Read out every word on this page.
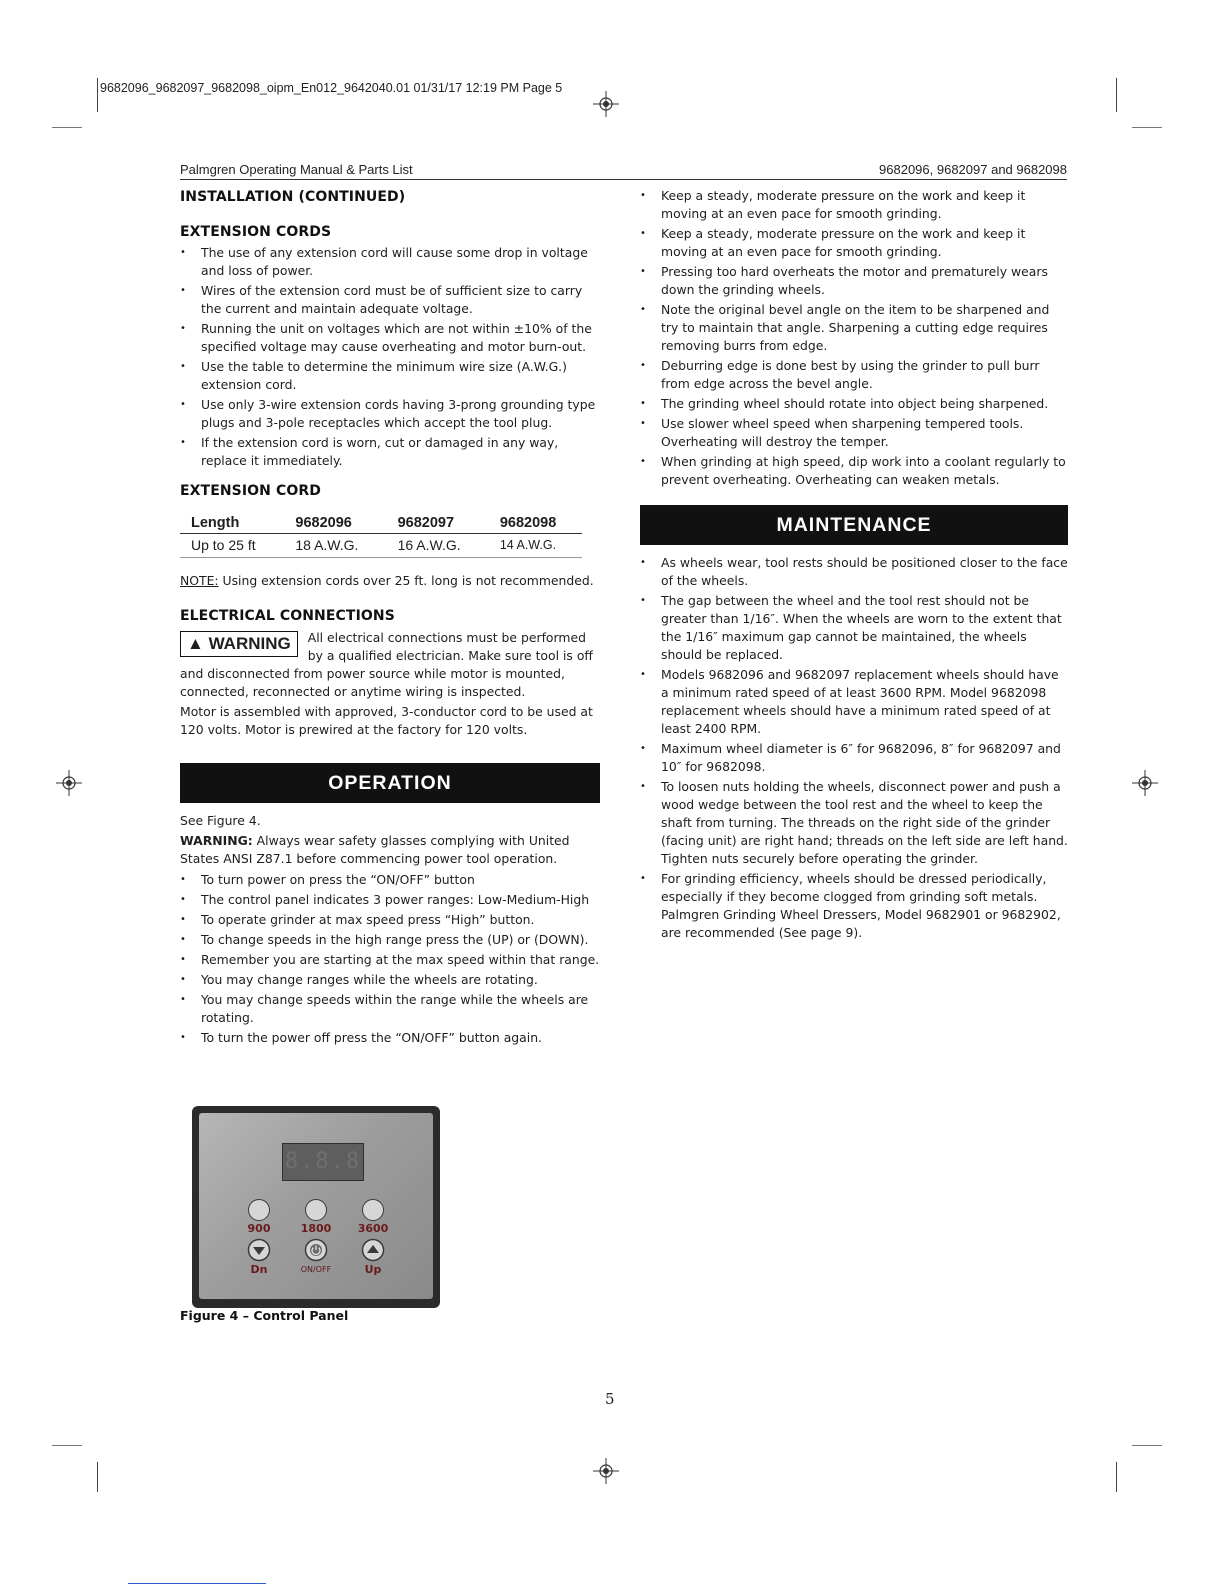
9682096_9682097_9682098_oipm_En012_9642040.01 01/31/17 12:19 PM Page 5
Palmgren Operating Manual & Parts List	9682096, 9682097 and 9682098
INSTALLATION (CONTINUED)
EXTENSION CORDS
• The use of any extension cord will cause some drop in voltage and loss of power.
• Wires of the extension cord must be of sufficient size to carry the current and maintain adequate voltage.
• Running the unit on voltages which are not within ±10% of the specified voltage may cause overheating and motor burn-out.
• Use the table to determine the minimum wire size (A.W.G.) extension cord.
• Use only 3-wire extension cords having 3-prong grounding type plugs and 3-pole receptacles which accept the tool plug.
• If the extension cord is worn, cut or damaged in any way, replace it immediately.
EXTENSION CORD
Length	9682096	9682097	9682098
Up to 25 ft	18 A.W.G.	16 A.W.G.	14 A.W.G.

NOTE: Using extension cords over 25 ft. long is not recommended.

ELECTRICAL CONNECTIONS

▲ WARNING	All electrical connections must be performed by a qualified electrician. Make sure tool is off and disconnected from power source while motor is mounted, connected, reconnected or anytime wiring is inspected.

Motor is assembled with approved, 3-conductor cord to be used at 120 volts. Motor is prewired at the factory for 120 volts.

OPERATION

See Figure 4.

WARNING: Always wear safety glasses complying with United States ANSI Z87.1 before commencing power tool operation.

• To turn power on press the “ON/OFF” button
• The control panel indicates 3 power ranges: Low-Medium-High
• To operate grinder at max speed press “High” button.
• To change speeds in the high range press the (UP) or (DOWN).
• Remember you are starting at the max speed within that range.
• You may change ranges while the wheels are rotating.
• You may change speeds within the range while the wheels are rotating.
• To turn the power off press the “ON/OFF” button again.
8.8.8
900	1800	3600
Dn	ON/OFF	Up
Figure 4 – Control Panel
• Keep a steady, moderate pressure on the work and keep it moving at an even pace for smooth grinding.
• Keep a steady, moderate pressure on the work and keep it moving at an even pace for smooth grinding.
• Pressing too hard overheats the motor and prematurely wears down the grinding wheels.
• Note the original bevel angle on the item to be sharpened and try to maintain that angle. Sharpening a cutting edge requires removing burrs from edge.
• Deburring edge is done best by using the grinder to pull burr from edge across the bevel angle.
• The grinding wheel should rotate into object being sharpened.
• Use slower wheel speed when sharpening tempered tools. Overheating will destroy the temper.
• When grinding at high speed, dip work into a coolant regularly to prevent overheating. Overheating can weaken metals.
MAINTENANCE
• As wheels wear, tool rests should be positioned closer to the face of the wheels.
• The gap between the wheel and the tool rest should not be greater than 1/16″. When the wheels are worn to the extent that the 1/16″ maximum gap cannot be maintained, the wheels should be replaced.
• Models 9682096 and 9682097 replacement wheels should have a minimum rated speed of at least 3600 RPM. Model 9682098 replacement wheels should have a minimum rated speed of at least 2400 RPM.
• Maximum wheel diameter is 6″ for 9682096, 8″ for 9682097 and 10″ for 9682098.
• To loosen nuts holding the wheels, disconnect power and push a wood wedge between the tool rest and the wheel to keep the shaft from turning. The threads on the right side of the grinder (facing unit) are right hand; threads on the left side are left hand. Tighten nuts securely before operating the grinder.
• For grinding efficiency, wheels should be dressed periodically, especially if they become clogged from grinding soft metals. Palmgren Grinding Wheel Dressers, Model 9682901 or 9682902, are recommended (See page 9).
5
